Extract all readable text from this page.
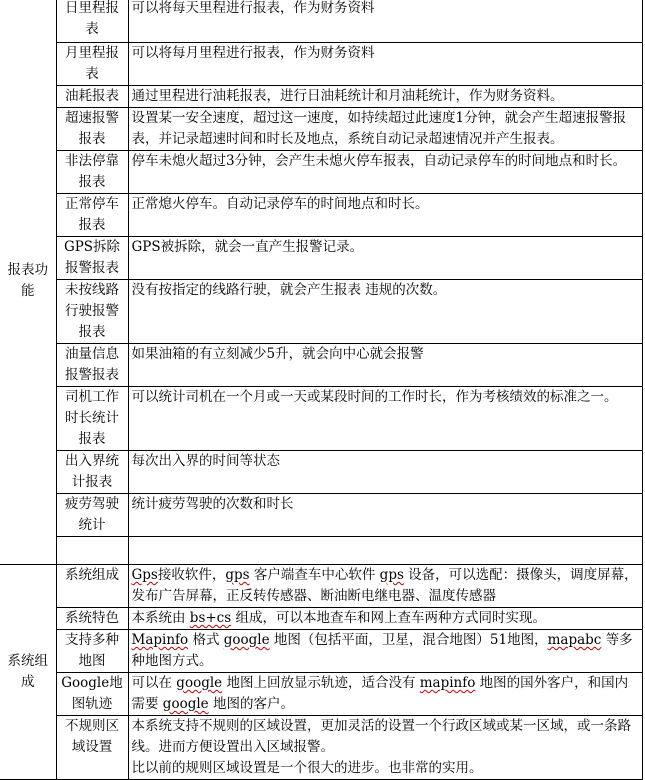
报表功能	日里程报表	可以将每天里程进行报表，作为财务资料
	月里程报表	可以将每月里程进行报表，作为财务资料
	油耗报表	通过里程进行油耗报表，进行日油耗统计和月油耗统计，作为财务资料。
	超速报警报表	设置某一安全速度，超过这一速度，如持续超过此速度1分钟，就会产生超速报警报表，并记录超速时间和时长及地点，系统自动记录超速情况并产生报表。
	非法停靠报表	停车未熄火超过3分钟，会产生未熄火停车报表，自动记录停车的时间地点和时长。
	正常停车报表	正常熄火停车。自动记录停车的时间地点和时长。
	GPS拆除报警报表	GPS被拆除，就会一直产生报警记录。
	未按线路行驶报警报表	没有按指定的线路行驶，就会产生报表 违规的次数。
	油量信息报警报表	如果油箱的有立刻减少5升，就会向中心就会报警
	司机工作时长统计报表	可以统计司机在一个月或一天或某段时间的工作时长，作为考核绩效的标准之一。
	出入界统计报表	每次出入界的时间等状态
	疲劳驾驶统计	统计疲劳驾驶的次数和时长

系统组成	系统组成	Gps接收软件，gps 客户端查车中心软件 gps 设备，可以选配：摄像头，调度屏幕，发布广告屏幕，正反转传感器、断油断电继电器、温度传感器
	系统特色	本系统由 bs+cs 组成，可以本地查车和网上查车两种方式同时实现。
	支持多种地图	Mapinfo 格式 google 地图（包括平面，卫星，混合地图）51地图，mapabc 等多种地图方式。
	Google地图轨迹	可以在 google 地图上回放显示轨迹，适合没有 mapinfo 地图的国外客户，和国内需要 google 地图的客户。
	不规则区域设置	本系统支持不规则的区域设置，更加灵活的设置一个行政区域或某一区域，或一条路线。进而方便设置出入区域报警。
比以前的规则区域设置是一个很大的进步。也非常的实用。
